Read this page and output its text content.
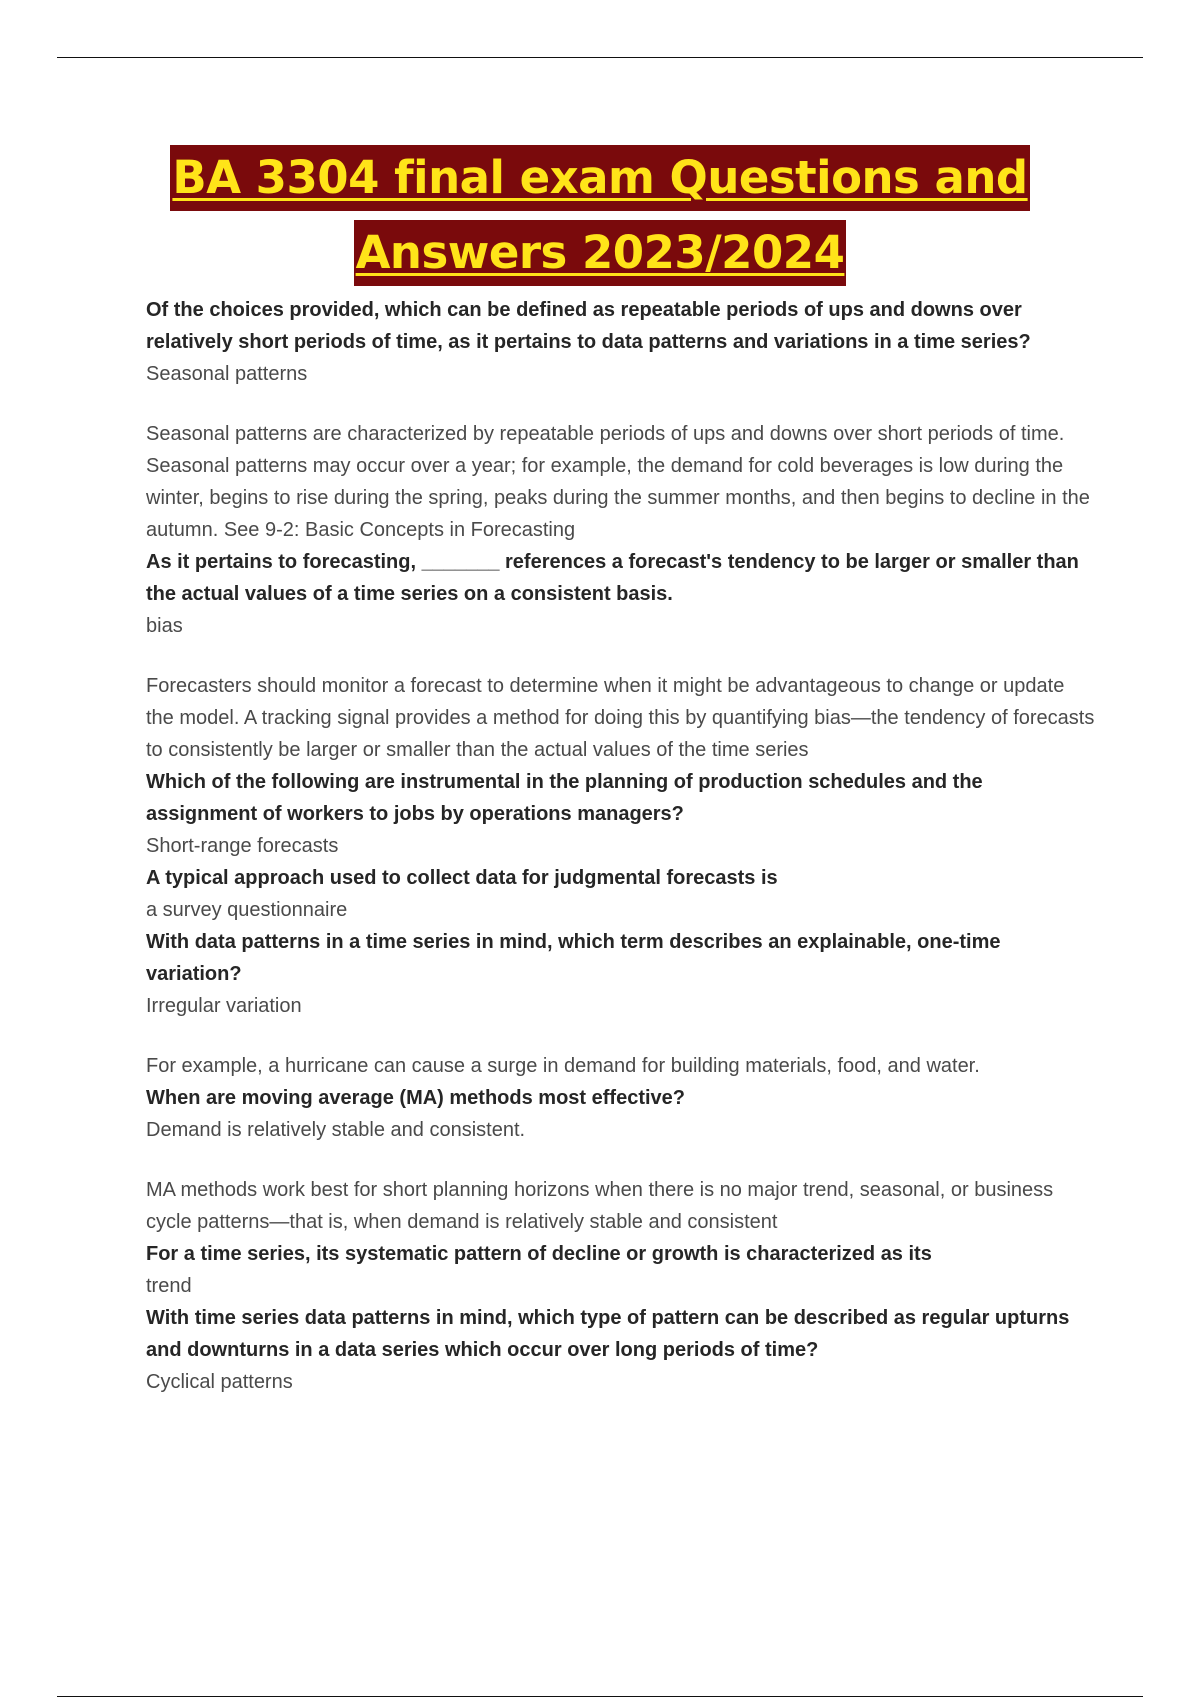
BA 3304 final exam Questions and
Answers 2023/2024

Of the choices provided, which can be defined as repeatable periods of ups and downs over relatively short periods of time, as it pertains to data patterns and variations in a time series?

Seasonal patterns

Seasonal patterns are characterized by repeatable periods of ups and downs over short periods of time. Seasonal patterns may occur over a year; for example, the demand for cold beverages is low during the winter, begins to rise during the spring, peaks during the summer months, and then begins to decline in the autumn. See 9-2: Basic Concepts in Forecasting

As it pertains to forecasting, _______ references a forecast's tendency to be larger or smaller than the actual values of a time series on a consistent basis.

bias

Forecasters should monitor a forecast to determine when it might be advantageous to change or update the model. A tracking signal provides a method for doing this by quantifying bias—the tendency of forecasts to consistently be larger or smaller than the actual values of the time series

Which of the following are instrumental in the planning of production schedules and the assignment of workers to jobs by operations managers?

Short-range forecasts

A typical approach used to collect data for judgmental forecasts is

a survey questionnaire

With data patterns in a time series in mind, which term describes an explainable, one-time variation?

Irregular variation

For example, a hurricane can cause a surge in demand for building materials, food, and water.

When are moving average (MA) methods most effective?

Demand is relatively stable and consistent.

MA methods work best for short planning horizons when there is no major trend, seasonal, or business cycle patterns—that is, when demand is relatively stable and consistent

For a time series, its systematic pattern of decline or growth is characterized as its

trend

With time series data patterns in mind, which type of pattern can be described as regular upturns and downturns in a data series which occur over long periods of time?

Cyclical patterns
